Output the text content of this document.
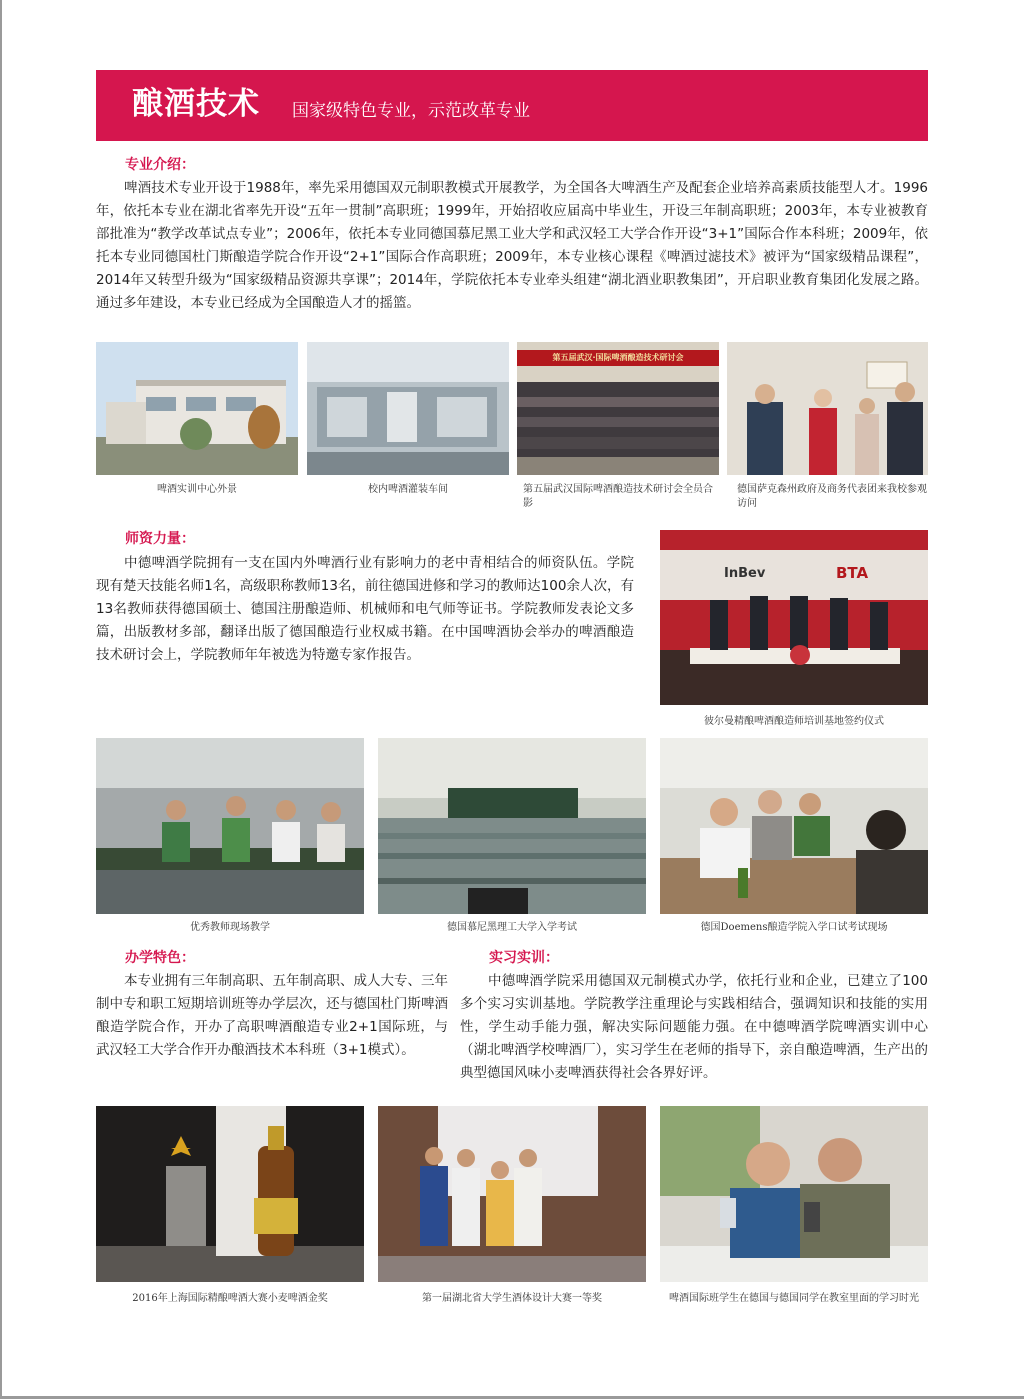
酿酒技术 国家级特色专业，示范改革专业
专业介绍：

啤酒技术专业开设于1988年，率先采用德国双元制职教模式开展教学，为全国各大啤酒生产及配套企业培养高素质技能型人才。1996年，依托本专业在湖北省率先开设“五年一贯制”高职班；1999年，开始招收应届高中毕业生，开设三年制高职班；2003年，本专业被教育部批准为“教学改革试点专业”；2006年，依托本专业同德国慕尼黑工业大学和武汉轻工大学合作开设“3+1”国际合作本科班；2009年，依托本专业同德国杜门斯酿造学院合作开设“2+1”国际合作高职班；2009年，本专业核心课程《啤酒过滤技术》被评为“国家级精品课程”，2014年又转型升级为“国家级精品资源共享课”；2014年，学院依托本专业牵头组建“湖北酒业职教集团”，开启职业教育集团化发展之路。通过多年建设，本专业已经成为全国酿造人才的摇篮。

第五届武汉·国际啤酒酿造技术研讨会
啤酒实训中心外景	校内啤酒灌装车间	第五届武汉国际啤酒酿造技术研讨会全员合影
德国萨克森州政府及商务代表团来我校参观访问
师资力量：

中德啤酒学院拥有一支在国内外啤酒行业有影响力的老中青相结合的师资队伍。学院现有楚天技能名师1名，高级职称教师13名，前往德国进修和学习的教师达100余人次，有13名教师获得德国硕士、德国注册酿造师、机械师和电气师等证书。学院教师发表论文多篇，出版教材多部，翻译出版了德国酿造行业权威书籍。在中国啤酒协会举办的啤酒酿造技术研讨会上，学院教师年年被选为特邀专家作报告。

InBev	BTA
彼尔曼精酿啤酒酿造师培训基地签约仪式
优秀教师现场教学	德国慕尼黑理工大学入学考试	德国Doemens酿造学院入学口试考试现场
办学特色：

本专业拥有三年制高职、五年制高职、成人大专、三年制中专和职工短期培训班等办学层次，还与德国杜门斯啤酒酿造学院合作，开办了高职啤酒酿造专业2+1国际班，与武汉轻工大学合作开办酿酒技术本科班（3+1模式）。

实习实训：

中德啤酒学院采用德国双元制模式办学，依托行业和企业，已建立了100多个实习实训基地。学院教学注重理论与实践相结合，强调知识和技能的实用性，学生动手能力强，解决实际问题能力强。在中德啤酒学院啤酒实训中心（湖北啤酒学校啤酒厂），实习学生在老师的指导下，亲自酿造啤酒，生产出的典型德国风味小麦啤酒获得社会各界好评。

2016年上海国际精酿啤酒大赛小麦啤酒金奖	第一届湖北省大学生酒体设计大赛一等奖	啤酒国际班学生在德国与德国同学在教室里面的学习时光
